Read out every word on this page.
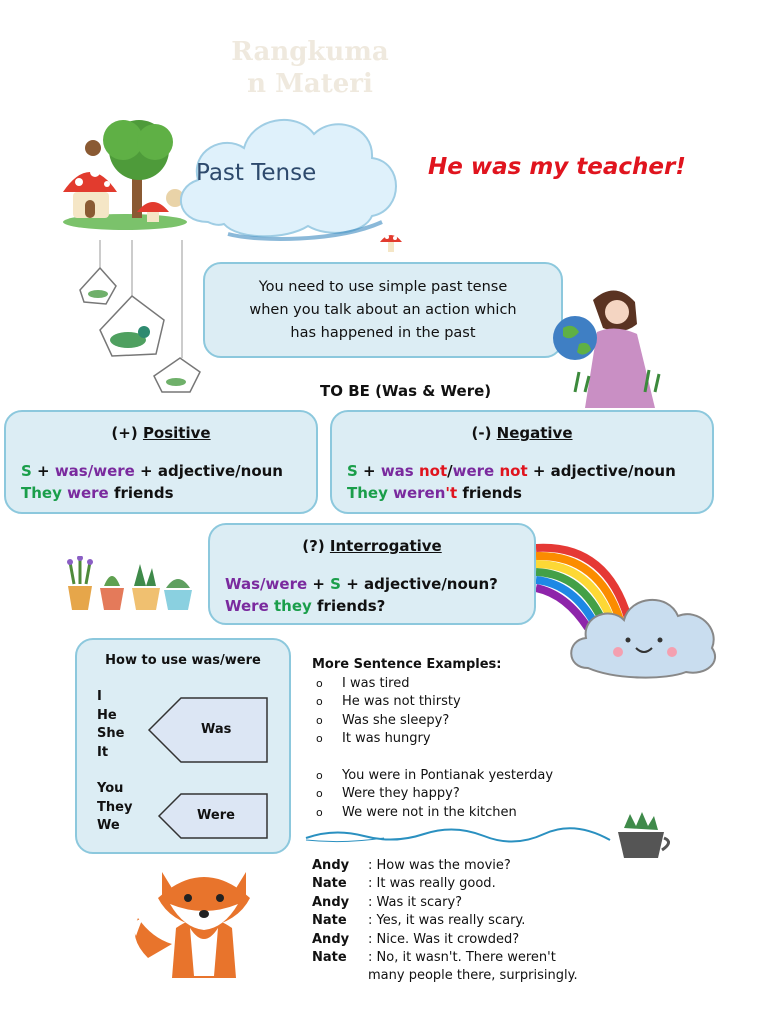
Rangkuma
n Materi
Past Tense	He was my teacher!
You need to use simple past tense
when you talk about an action which
has happened in the past
TO BE (Was & Were)
(+) Positive
S + was/were + adjective/noun
They were friends
(-) Negative
S + was not/were not + adjective/noun
They weren't friends
(?) Interrogative
Was/were + S + adjective/noun?
Were they friends?
How to use was/were
I
He
She
It
You
They
We
Was
Were
More Sentence Examples:
o I was tired
o He was not thirsty
o Was she sleepy?
o It was hungry
o You were in Pontianak yesterday
o Were they happy?
o We were not in the kitchen
Andy : How was the movie?
Nate : It was really good.
Andy : Was it scary?
Nate : Yes, it was really scary.
Andy : Nice. Was it crowded?
Nate : No, it wasn't. There weren't
many people there, surprisingly.
